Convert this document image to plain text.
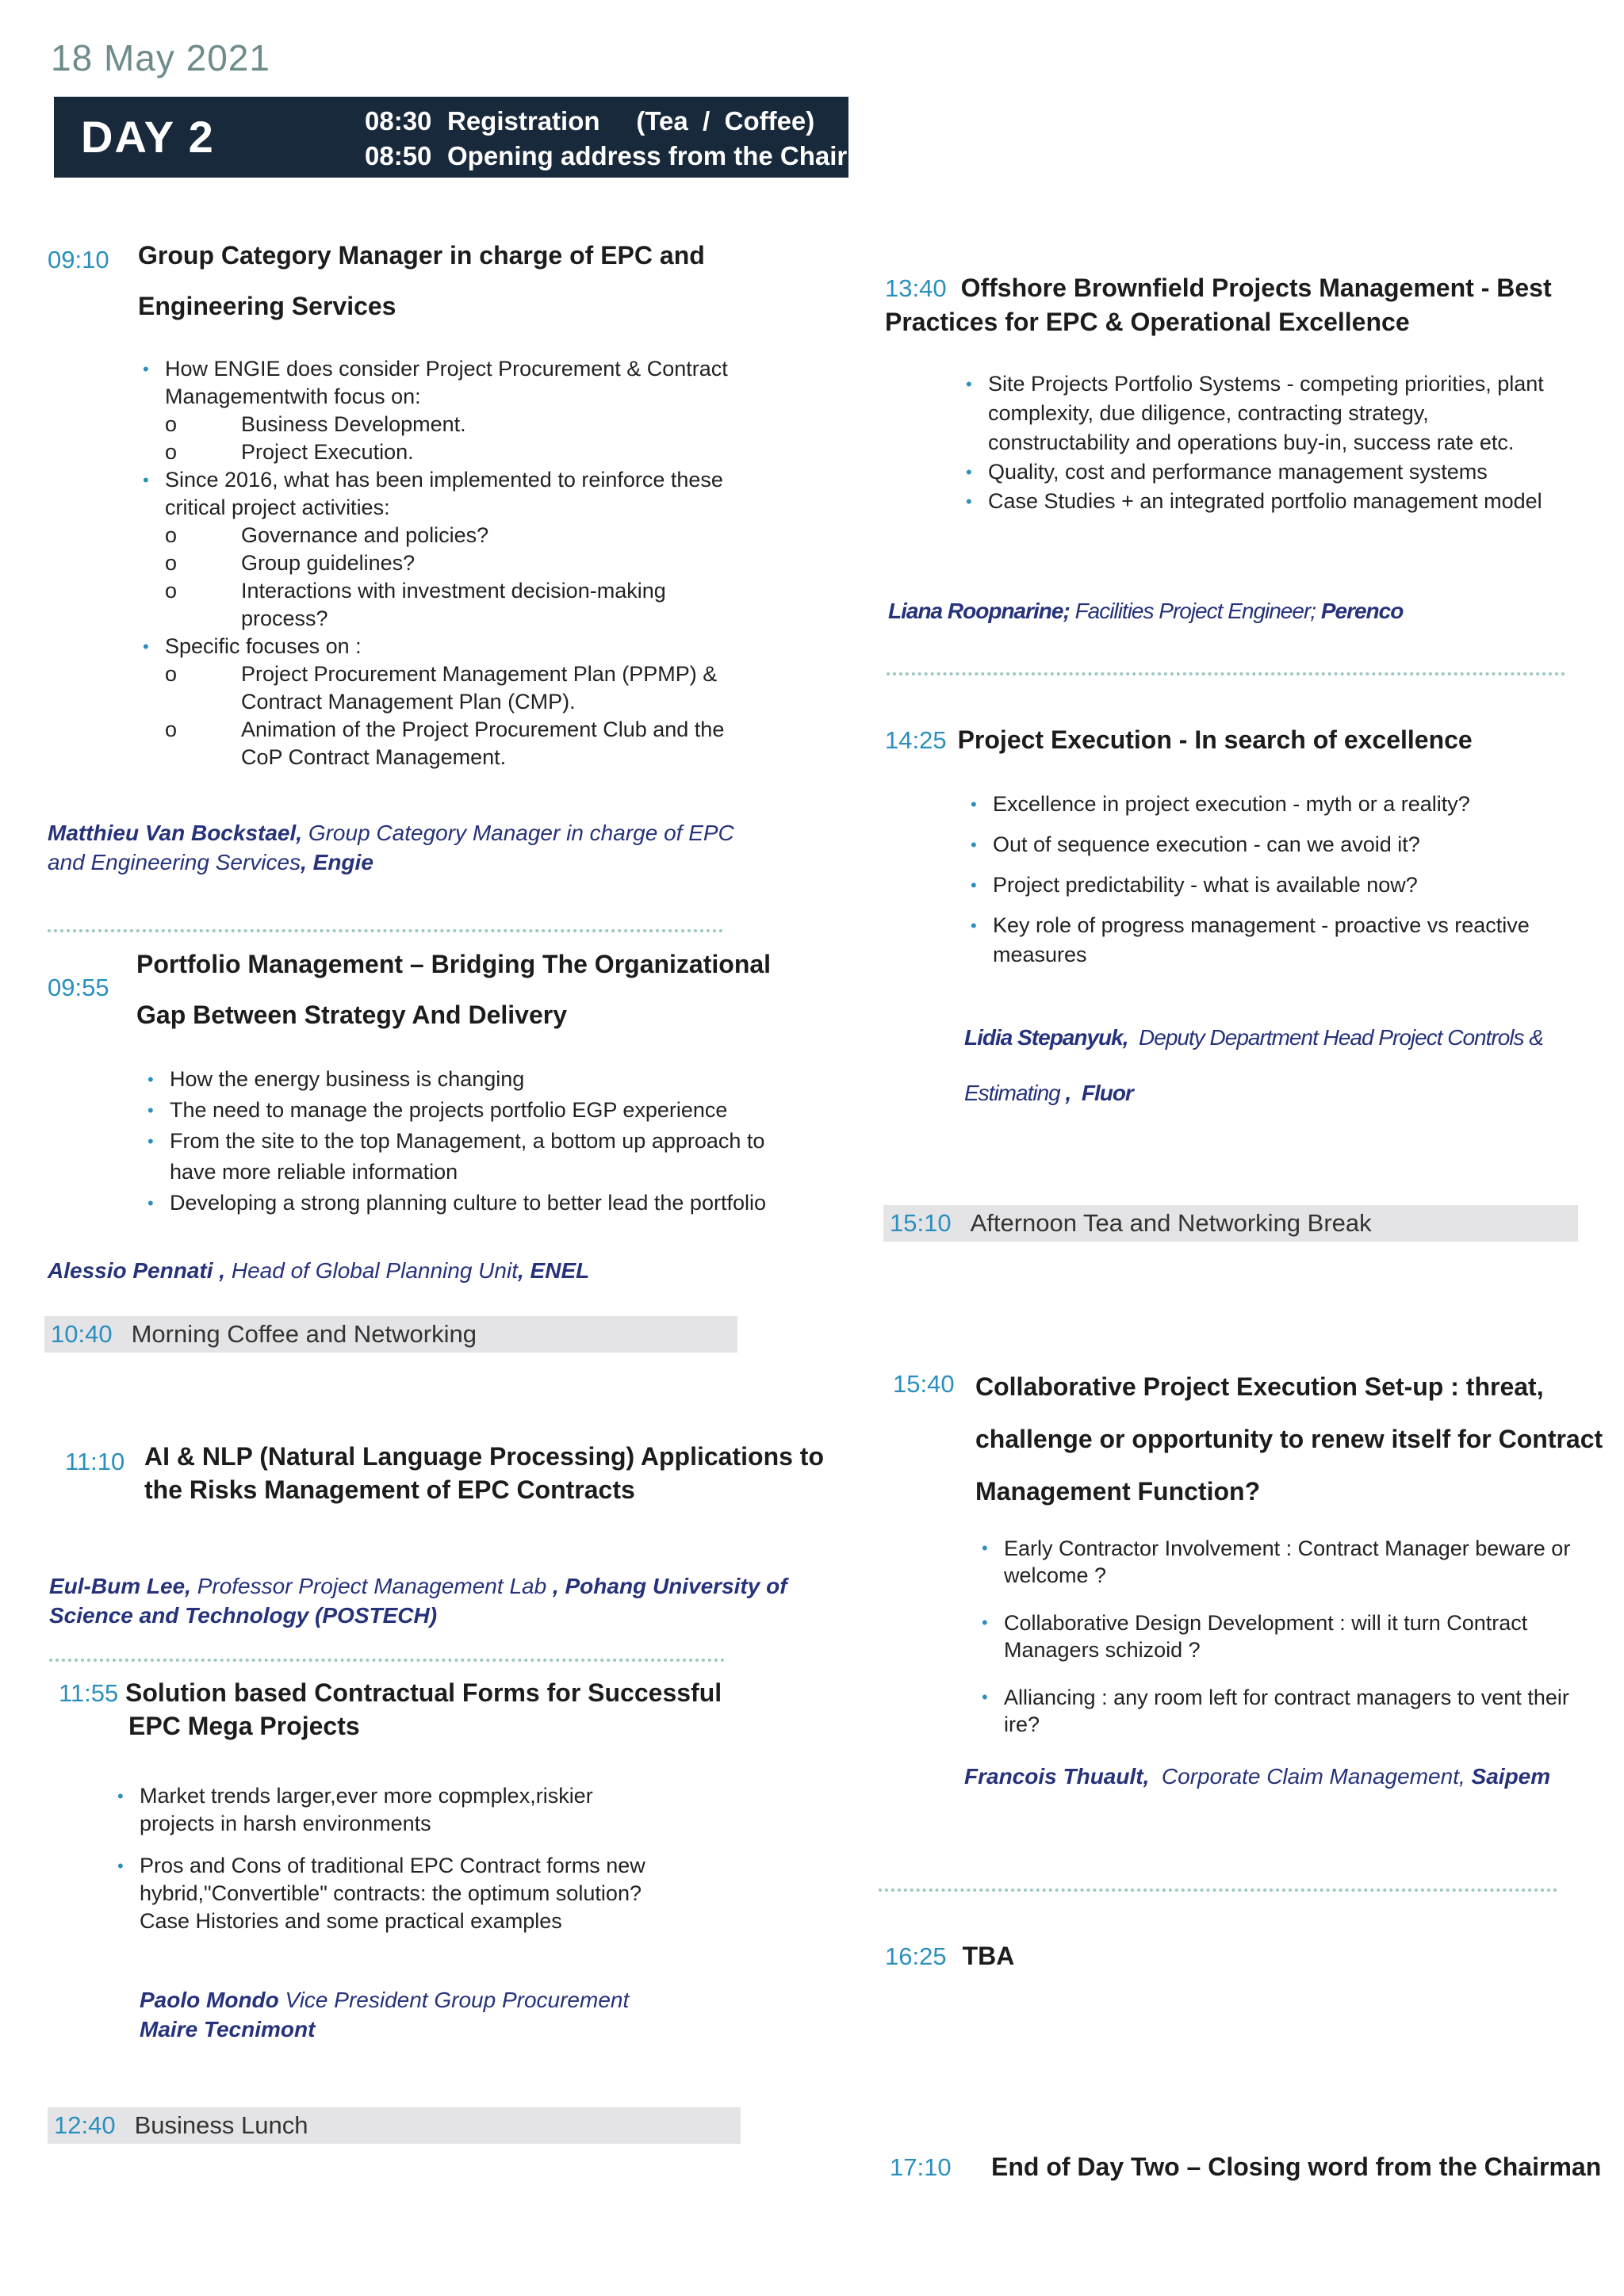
18 May 2021
DAY 2	08:30 Registration     (Tea  /  Coffee)
08:50 Opening address from the Chair
09:10 Group Category Manager in charge of EPC and
Engineering Services
• How ENGIE does consider Project Procurement & Contract Managementwith focus on:
o Business Development.
o Project Execution.
• Since 2016, what has been implemented to reinforce these critical project activities:
o Governance and policies?
o Group guidelines?
o Interactions with investment decision-making process?
• Specific focuses on :
o Project Procurement Management Plan (PPMP) & Contract Management Plan (CMP).
o Animation of the Project Procurement Club and the CoP Contract Management.
Matthieu Van Bockstael, Group Category Manager in charge of EPC and Engineering Services, Engie
09:55
Portfolio Management – Bridging The Organizational
Gap Between Strategy And Delivery
• How the energy business is changing
• The need to manage the projects portfolio EGP experience
• From the site to the top Management, a bottom up approach to have more reliable information
• Developing a strong planning culture to better lead the portfolio
Alessio Pennati , Head of Global Planning Unit, ENEL
10:40 Morning Coffee and Networking
11:10 AI & NLP (Natural Language Processing) Applications to
the Risks Management of EPC Contracts
Eul-Bum Lee, Professor Project Management Lab , Pohang University of Science and Technology (POSTECH)
11:55 Solution based Contractual Forms for Successful
EPC Mega Projects
• Market trends larger,ever more copmplex,riskier projects in harsh environments
• Pros and Cons of traditional EPC Contract forms new hybrid,"Convertible" contracts: the optimum solution? Case Histories and some practical examples
Paolo Mondo Vice President Group Procurement
Maire Tecnimont
12:40 Business Lunch
13:40 Offshore Brownfield Projects Management - Best
Practices for EPC & Operational Excellence
• Site Projects Portfolio Systems - competing priorities, plant complexity, due diligence, contracting strategy, constructability and operations buy-in, success rate etc.
• Quality, cost and performance management systems
• Case Studies + an integrated portfolio management model
Liana Roopnarine; Facilities Project Engineer; Perenco
14:25 Project Execution - In search of excellence
• Excellence in project execution - myth or a reality?
• Out of sequence execution - can we avoid it?
• Project predictability - what is available now?
• Key role of progress management - proactive vs reactive measures
Lidia Stepanyuk,  Deputy Department Head Project Controls &
Estimating ,  Fluor
15:10 Afternoon Tea and Networking Break
15:40 Collaborative Project Execution Set-up : threat,
challenge or opportunity to renew itself for Contract
Management Function?
• Early Contractor Involvement : Contract Manager beware or welcome ?
• Collaborative Design Development : will it turn Contract Managers schizoid ?
• Alliancing : any room left for contract managers to vent their ire?
Francois Thuault,  Corporate Claim Management, Saipem
16:25 TBA
17:10 End of Day Two – Closing word from the Chairman
